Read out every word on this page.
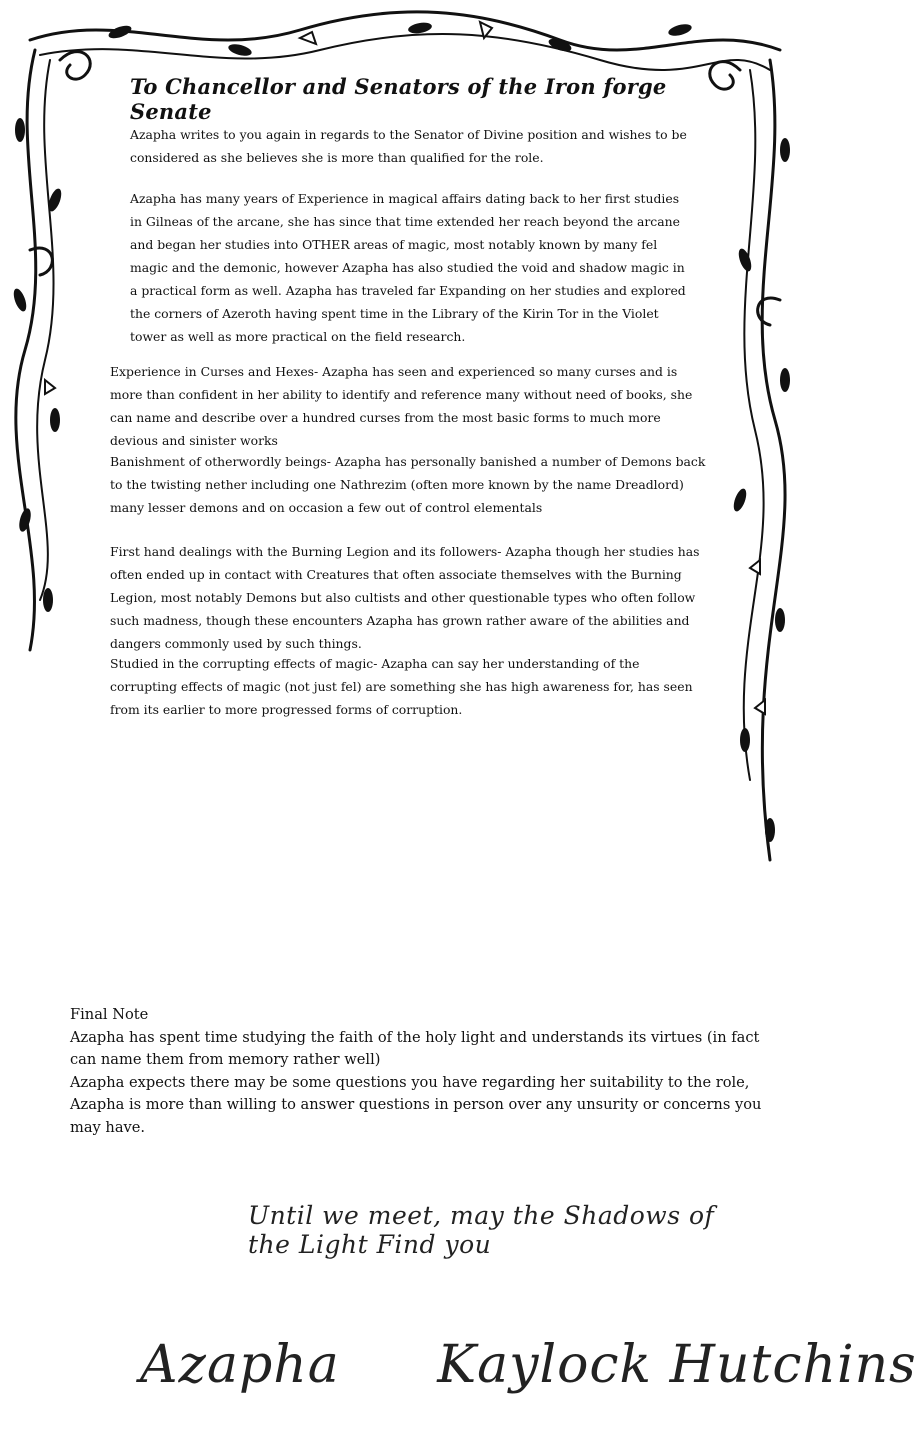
To Chancellor and Senators of the Iron forge Senate
Azapha writes to you again in regards to the Senator of Divine position and wishes to be considered as she believes she is more than qualified for the role.
Azapha has many years of Experience in magical affairs dating back to her first studies in Gilneas of the arcane, she has since that time extended her reach beyond the arcane and began her studies into OTHER areas of magic, most notably known by many fel magic and the demonic, however Azapha has also studied the void and shadow magic in a practical form as well. Azapha has traveled far Expanding on her studies and explored the corners of Azeroth having spent time in the Library of the Kirin Tor in the Violet tower as well as more practical on the field research.
Experience in Curses and Hexes- Azapha has seen and experienced so many curses and is more than confident in her ability to identify and reference many without need of books, she can name and describe over a hundred curses from the most basic forms to much more devious and sinister works
Banishment of otherwordly beings- Azapha has personally banished a number of Demons back to the twisting nether including one Nathrezim (often more known by the name Dreadlord) many lesser demons and on occasion a few out of control elementals
First hand dealings with the Burning Legion and its followers- Azapha though her studies has often ended up in contact with Creatures that often associate themselves with the Burning Legion, most notably Demons but also cultists and other questionable types who often follow such madness, though these encounters Azapha has grown rather aware of the abilities and dangers commonly used by such things.
Studied in the corrupting effects of magic- Azapha can say her understanding of the corrupting effects of magic (not just fel) are something she has high awareness for, has seen from its earlier to more progressed forms of corruption.
Final Note
Azapha has spent time studying the faith of the holy light and understands its virtues (in fact can name them from memory rather well)
Azapha expects there may be some questions you have regarding her suitability to the role, Azapha is more than willing to answer questions in person over any unsurity or concerns you may have.
Until we meet, may the Shadows of the Light Find you
Azapha Kaylock Hutchins
